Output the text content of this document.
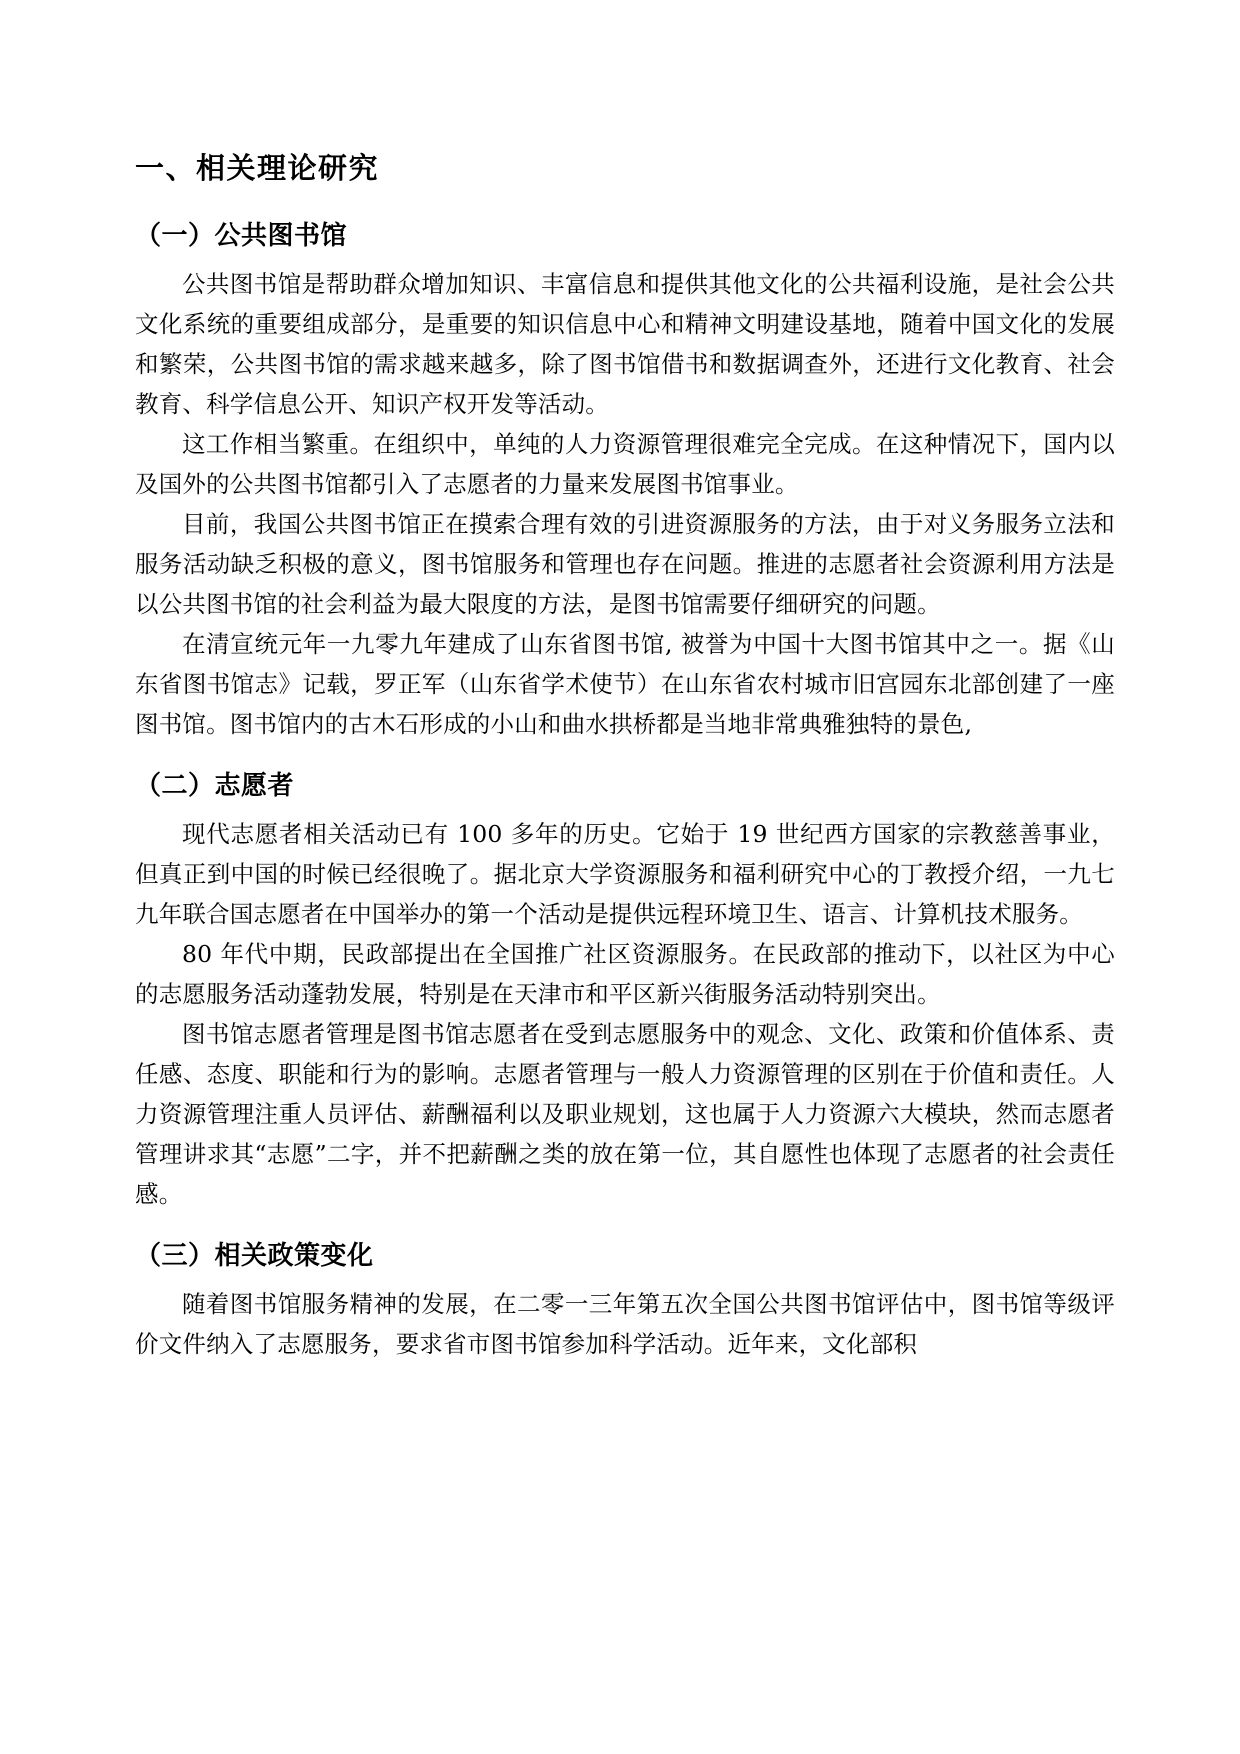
一、相关理论研究
（一）公共图书馆

公共图书馆是帮助群众增加知识、丰富信息和提供其他文化的公共福利设施，是社会公共文化系统的重要组成部分，是重要的知识信息中心和精神文明建设基地，随着中国文化的发展和繁荣，公共图书馆的需求越来越多，除了图书馆借书和数据调查外，还进行文化教育、社会教育、科学信息公开、知识产权开发等活动。

这工作相当繁重。在组织中，单纯的人力资源管理很难完全完成。在这种情况下，国内以及国外的公共图书馆都引入了志愿者的力量来发展图书馆事业。

目前，我国公共图书馆正在摸索合理有效的引进资源服务的方法，由于对义务服务立法和服务活动缺乏积极的意义，图书馆服务和管理也存在问题。推进的志愿者社会资源利用方法是以公共图书馆的社会利益为最大限度的方法，是图书馆需要仔细研究的问题。

在清宣统元年一九零九年建成了山东省图书馆, 被誉为中国十大图书馆其中之一。据《山东省图书馆志》记载，罗正军（山东省学术使节）在山东省农村城市旧宫园东北部创建了一座图书馆。图书馆内的古木石形成的小山和曲水拱桥都是当地非常典雅独特的景色,

（二）志愿者

现代志愿者相关活动已有 100 多年的历史。它始于 19 世纪西方国家的宗教慈善事业，但真正到中国的时候已经很晚了。据北京大学资源服务和福利研究中心的丁教授介绍，一九七九年联合国志愿者在中国举办的第一个活动是提供远程环境卫生、语言、计算机技术服务。

80 年代中期，民政部提出在全国推广社区资源服务。在民政部的推动下，以社区为中心的志愿服务活动蓬勃发展，特别是在天津市和平区新兴街服务活动特别突出。

图书馆志愿者管理是图书馆志愿者在受到志愿服务中的观念、文化、政策和价值体系、责任感、态度、职能和行为的影响。志愿者管理与一般人力资源管理的区别在于价值和责任。人力资源管理注重人员评估、薪酬福利以及职业规划，这也属于人力资源六大模块，然而志愿者管理讲求其“志愿”二字，并不把薪酬之类的放在第一位，其自愿性也体现了志愿者的社会责任感。

（三）相关政策变化

随着图书馆服务精神的发展，在二零一三年第五次全国公共图书馆评估中，图书馆等级评价文件纳入了志愿服务，要求省市图书馆参加科学活动。近年来，文化部积
